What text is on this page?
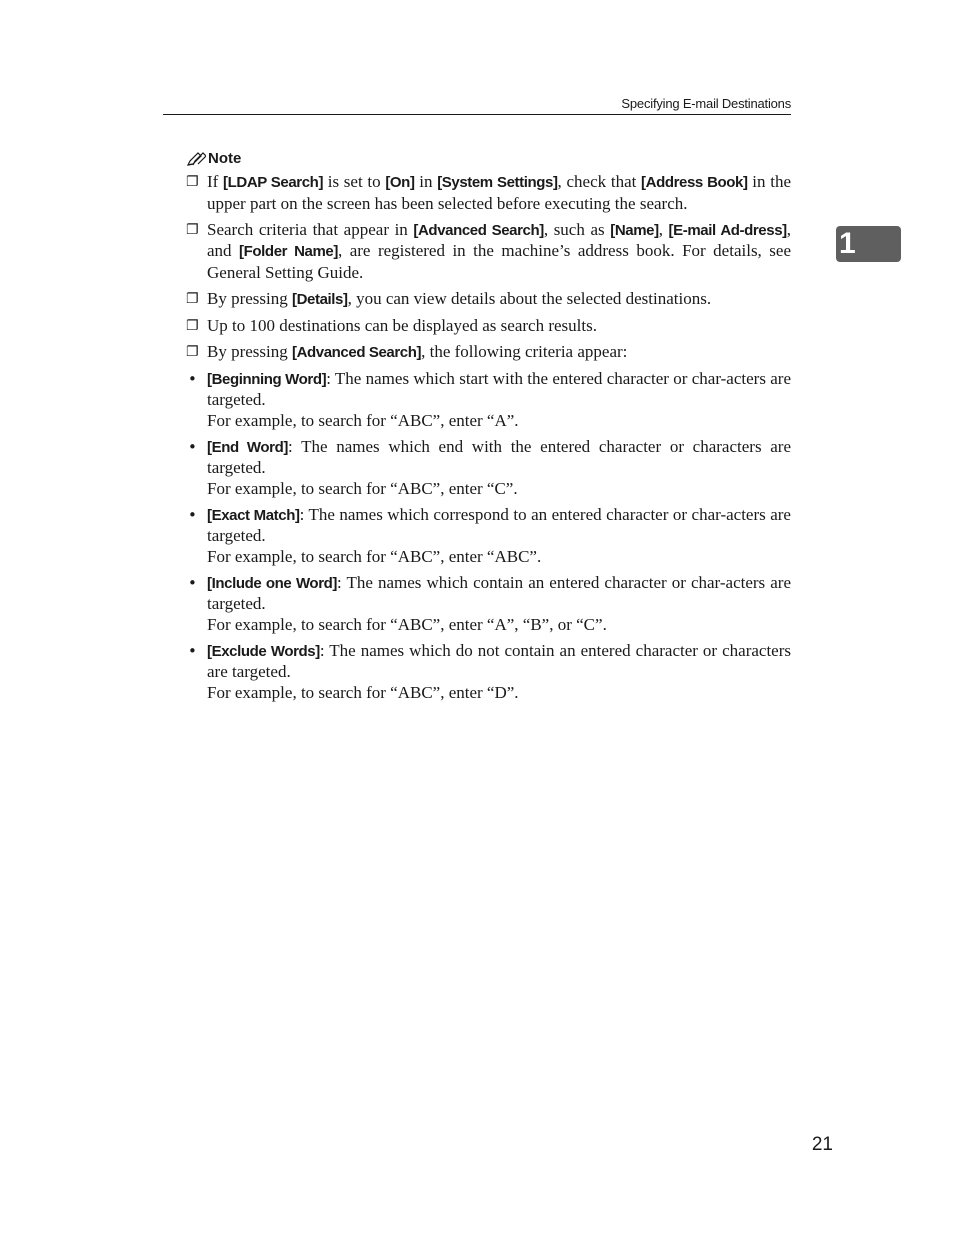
Specifying E-mail Destinations
1
Note
❐ If [LDAP Search] is set to [On] in [System Settings], check that [Address Book] in the upper part on the screen has been selected before executing the search.
❐ Search criteria that appear in [Advanced Search], such as [Name], [E-mail Ad-dress], and [Folder Name], are registered in the machine’s address book. For details, see General Setting Guide.
❐ By pressing [Details], you can view details about the selected destinations.
❐ Up to 100 destinations can be displayed as search results.
❐ By pressing [Advanced Search], the following criteria appear:
• [Beginning Word]: The names which start with the entered character or char-acters are targeted.
For example, to search for “ABC”, enter “A”.
• [End Word]: The names which end with the entered character or characters are targeted.
For example, to search for “ABC”, enter “C”.
• [Exact Match]: The names which correspond to an entered character or char-acters are targeted.
For example, to search for “ABC”, enter “ABC”.
• [Include one Word]: The names which contain an entered character or char-acters are targeted.
For example, to search for “ABC”, enter “A”, “B”, or “C”.
• [Exclude Words]: The names which do not contain an entered character or characters are targeted.
For example, to search for “ABC”, enter “D”.
21
